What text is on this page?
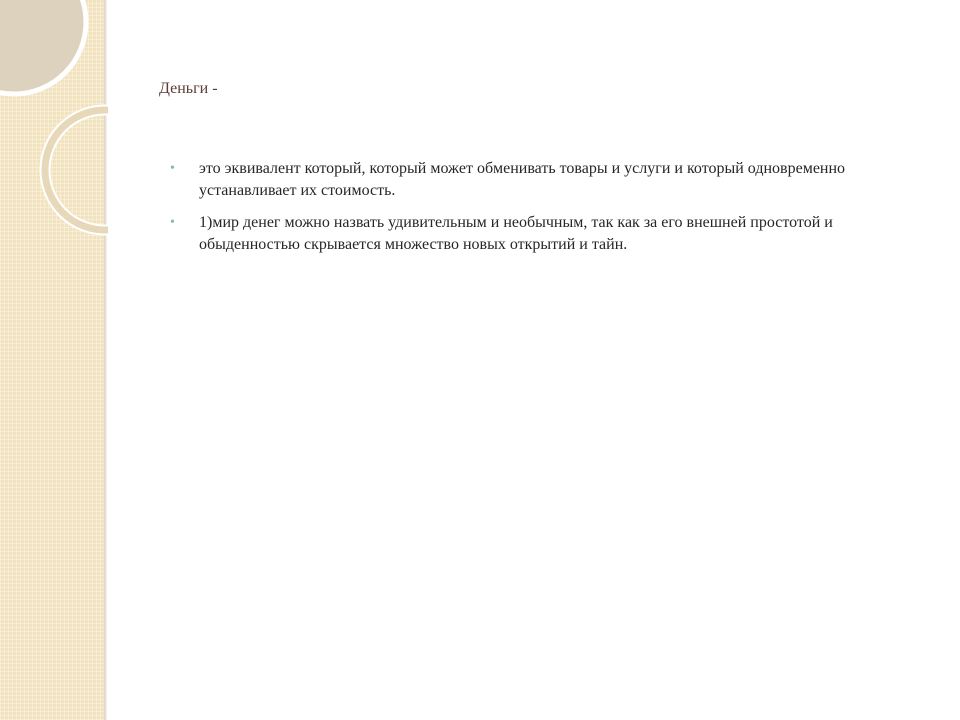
Деньги -
• это эквивалент который, который может обменивать товары и услуги и который одновременно устанавливает их стоимость.
• 1)мир денег можно назвать удивительным и необычным, так как за его внешней простотой и обыденностью скрывается множество новых открытий и тайн.
